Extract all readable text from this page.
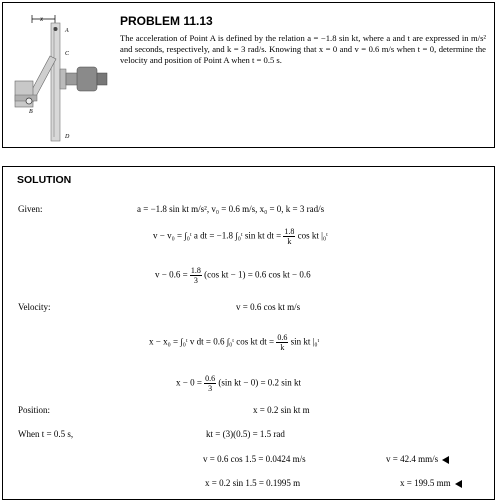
x
A
C
D
B
PROBLEM 11.13
The acceleration of Point A is defined by the relation a = −1.8 sin kt, where a and t are expressed in m/s² and seconds, respectively, and k = 3 rad/s. Knowing that x = 0 and v = 0.6 m/s when t = 0, determine the velocity and position of Point A when t = 0.5 s.
SOLUTION
Given:	a = −1.8 sin kt m/s², v₀ = 0.6 m/s, x₀ = 0, k = 3 rad/s
v − v₀ = ∫₀ᵗ a dt = −1.8 ∫₀ᵗ sin kt dt = $\frac{1.8}{k}$ cos kt |₀ᵗ
$v - 0.6 = \frac{1.8}{3} (\cos$ kt − 1) = 0.6 cos kt − 0.6
Velocity:	v = 0.6 cos kt m/s
x − x₀ = ∫₀ᵗ v dt = 0.6 ∫₀ᵗ cos kt dt = $\frac{0.6}{k}$ sin kt |₀ᵗ
$x - 0 = \frac{0.6}{3} (\sin$ kt − 0) = 0.2 sin kt
Position:	x = 0.2 sin kt m
When t = 0.5 s,	kt = (3)(0.5) = 1.5 rad
v = 0.6 cos 1.5 = 0.0424 m/s	v = 42.4 mm/s
x = 0.2 sin 1.5 = 0.1995 m	x = 199.5 mm
